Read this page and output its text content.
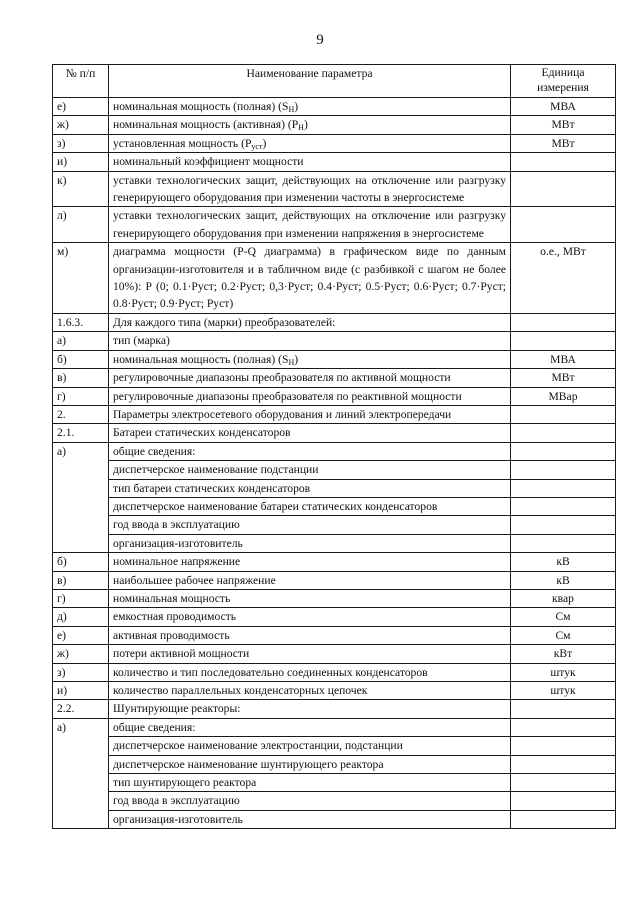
9
№ п/п	Наименование параметра	Единица измерения
е)	номинальная мощность (полная) $(S_Н)$	МВА
ж)	номинальная мощность (активная) $(Р_Н)$	МВт
з)	установленная мощность $(Р_{уст})$	МВт
и)	номинальный коэффициент мощности	
к)	уставки технологических защит, действующих на отключение или разгрузку генерирующего оборудования при изменении частоты в энергосистеме	
л)	уставки технологических защит, действующих на отключение или разгрузку генерирующего оборудования при изменении напряжения в энергосистеме	
м)	диаграмма мощности (P-Q диаграмма) в графическом виде по данным организации-изготовителя и в табличном виде (с разбивкой с шагом не более 10%): Р (0; 0.1·Руст; 0.2·Руст; 0,3·Руст; 0.4·Руст; 0.5·Руст; 0.6·Руст; 0.7·Руст; 0.8·Руст; 0.9·Руст; Руст)	о.е., МВт
1.6.3.	Для каждого типа (марки) преобразователей:	
а)	тип (марка)	
б)	номинальная мощность (полная) $(S_Н)$	МВА
в)	регулировочные диапазоны преобразователя по активной мощности	МВт
г)	регулировочные диапазоны преобразователя по реактивной мощности	МВар
2.	Параметры электросетевого оборудования и линий электропередачи	
2.1.	Батареи статических конденсаторов	
а)	общие сведения:	
	диспетчерское наименование подстанции	
	тип батареи статических конденсаторов	
	диспетчерское наименование батареи статических конденсаторов	
	год ввода в эксплуатацию	
	организация-изготовитель	
б)	номинальное напряжение	кВ
в)	наибольшее рабочее напряжение	кВ
г)	номинальная мощность	квар
д)	емкостная проводимость	См
е)	активная проводимость	См
ж)	потери активной мощности	кВт
з)	количество и тип последовательно соединенных конденсаторов	штук
и)	количество параллельных конденсаторных цепочек	штук
2.2.	Шунтирующие реакторы:	
а)	общие сведения:	
	диспетчерское наименование электростанции, подстанции	
	диспетчерское наименование шунтирующего реактора	
	тип шунтирующего реактора	
	год ввода в эксплуатацию	
	организация-изготовитель	
